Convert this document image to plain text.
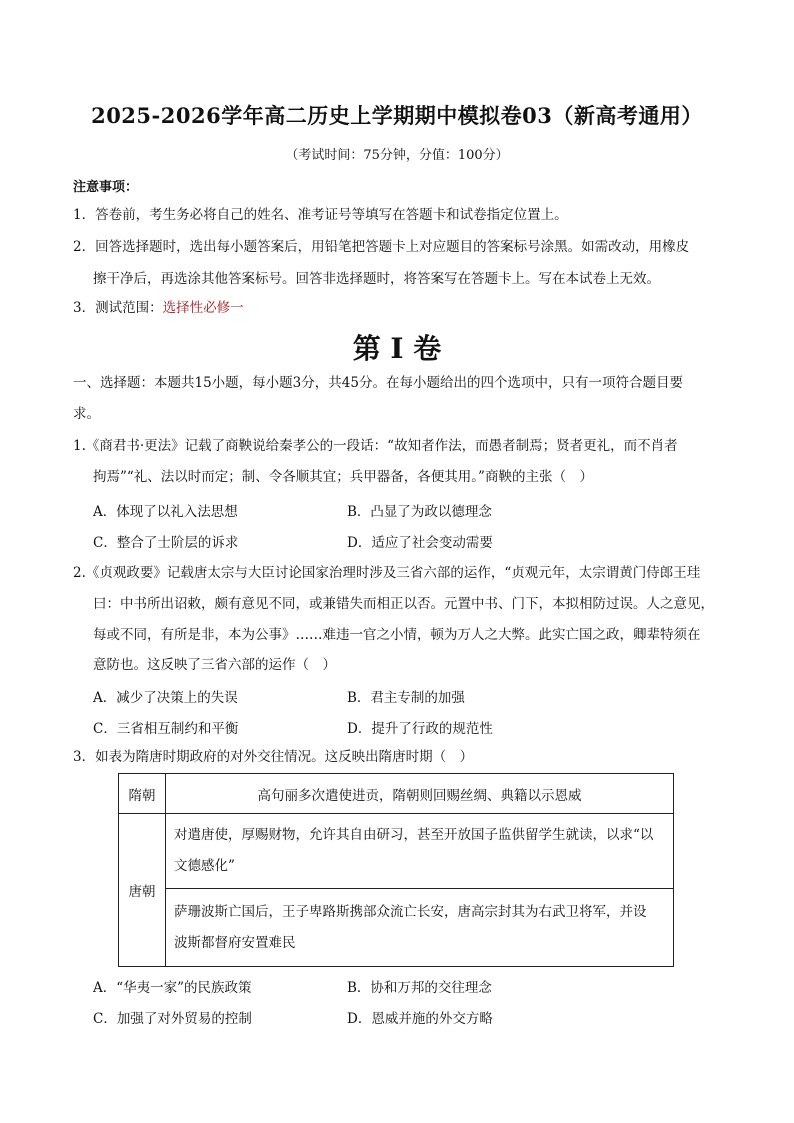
2025-2026学年高二历史上学期期中模拟卷03（新高考通用）
（考试时间：75分钟，分值：100分）
注意事项：
1．答卷前，考生务必将自己的姓名、准考证号等填写在答题卡和试卷指定位置上。
2．回答选择题时，选出每小题答案后，用铅笔把答题卡上对应题目的答案标号涂黑。如需改动，用橡皮
擦干净后，再选涂其他答案标号。回答非选择题时，将答案写在答题卡上。写在本试卷上无效。
3．测试范围：选择性必修一
第 I 卷
一、选择题：本题共15小题，每小题3分，共45分。在每小题给出的四个选项中，只有一项符合题目要
求。
1.《商君书·更法》记载了商鞅说给秦孝公的一段话：“故知者作法，而愚者制焉；贤者更礼，而不肖者
拘焉”“礼、法以时而定；制、令各顺其宜；兵甲器备，各便其用。”商鞅的主张（　）
A．体现了以礼入法思想	B．凸显了为政以德理念
C．整合了士阶层的诉求	D．适应了社会变动需要
2.《贞观政要》记载唐太宗与大臣讨论国家治理时涉及三省六部的运作，“贞观元年，太宗谓黄门侍郎王珪
曰：中书所出诏敕，颇有意见不同，或兼错失而相正以否。元置中书、门下，本拟相防过误。人之意见，
每或不同，有所是非，本为公事》……难违一官之小情，顿为万人之大弊。此实亡国之政，卿辈特须在
意防也。这反映了三省六部的运作（　）
A．减少了决策上的失误	B．君主专制的加强
C．三省相互制约和平衡	D．提升了行政的规范性
3．如表为隋唐时期政府的对外交往情况。这反映出隋唐时期（　）
隋朝	高句丽多次遣使进贡，隋朝则回赐丝绸、典籍以示恩威
唐朝	对遣唐使，厚赐财物，允许其自由研习，甚至开放国子监供留学生就读，以求“以
文德感化”

	萨珊波斯亡国后，王子卑路斯携部众流亡长安，唐高宗封其为右武卫将军，并设
波斯都督府安置难民
A．“华夷一家”的民族政策	B．协和万邦的交往理念
C．加强了对外贸易的控制	D．恩威并施的外交方略
